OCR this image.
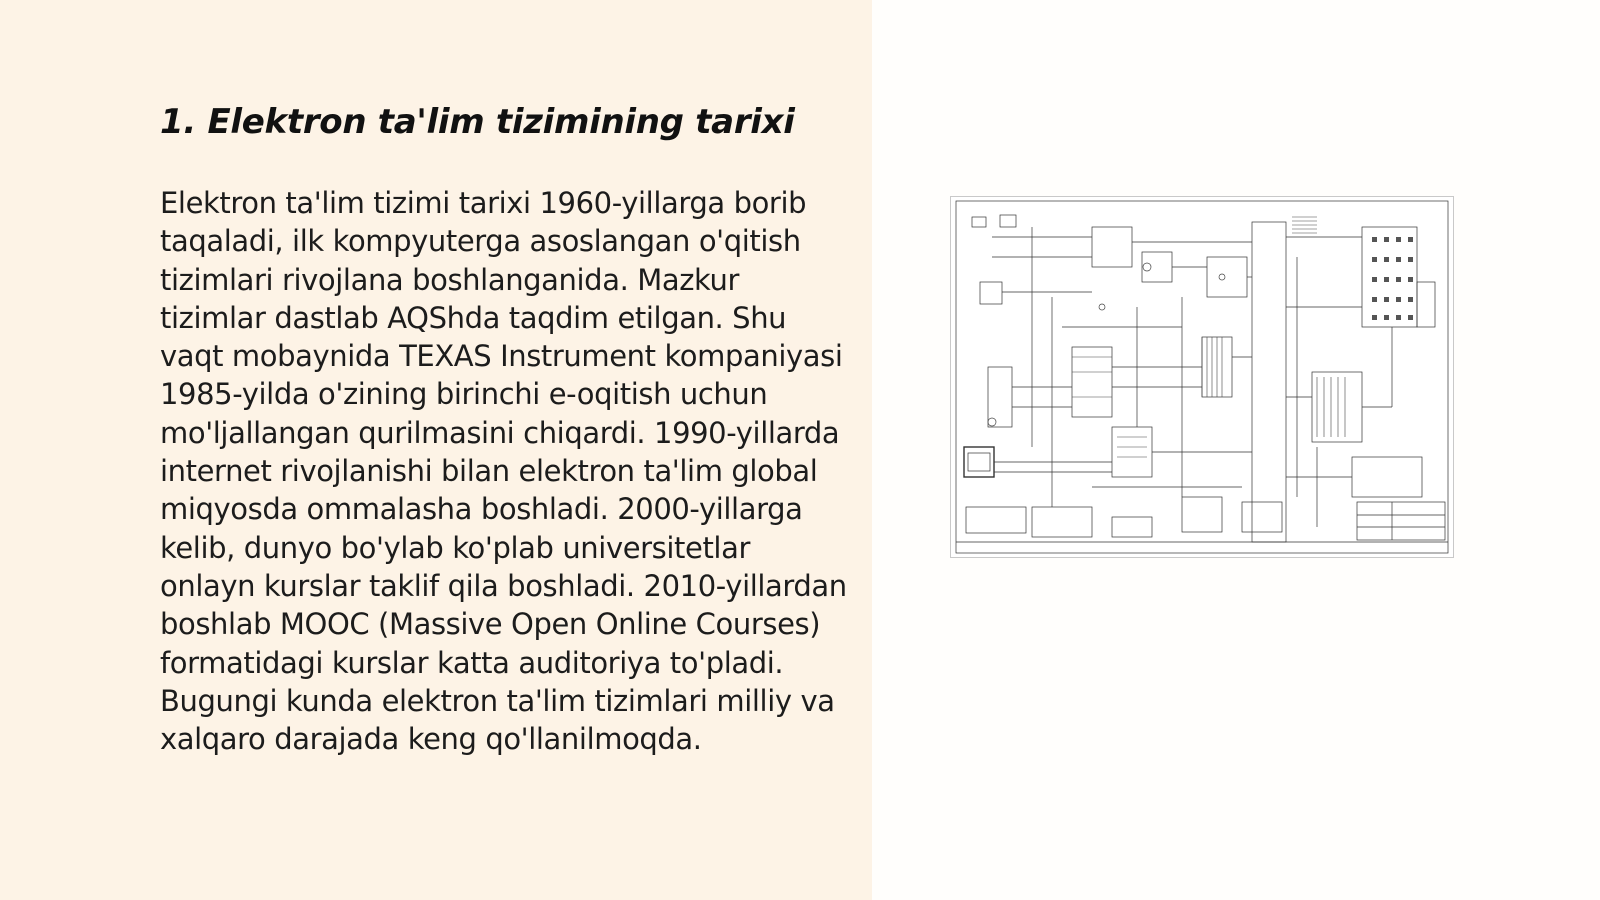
1. Elektron ta'lim tizimining tarixi

Elektron ta'lim tizimi tarixi 1960-yillarga borib taqaladi, ilk kompyuterga asoslangan o'qitish tizimlari rivojlana boshlanganida. Mazkur tizimlar dastlab AQShda taqdim etilgan. Shu vaqt mobaynida TEXAS Instrument kompaniyasi 1985-yilda o'zining birinchi e-oqitish uchun mo'ljallangan qurilmasini chiqardi. 1990-yillarda internet rivojlanishi bilan elektron ta'lim global miqyosda ommalasha boshladi. 2000-yillarga kelib, dunyo bo'ylab ko'plab universitetlar onlayn kurslar taklif qila boshladi. 2010-yillardan boshlab MOOC (Massive Open Online Courses) formatidagi kurslar katta auditoriya to'pladi. Bugungi kunda elektron ta'lim tizimlari milliy va xalqaro darajada keng qo'llanilmoqda.
